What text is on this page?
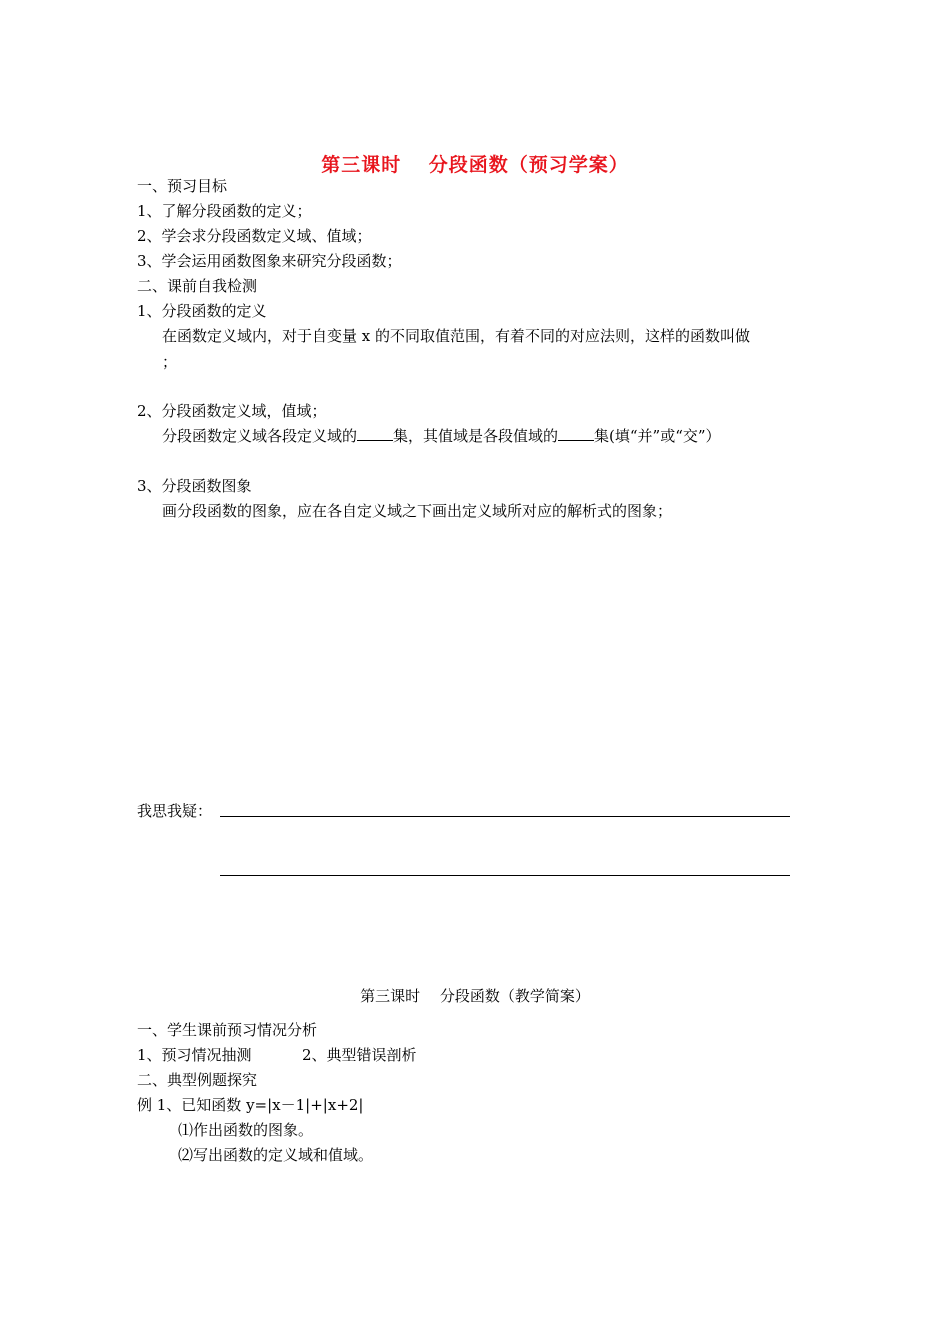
第三课时　 分段函数（预习学案）
一、预习目标
1、了解分段函数的定义；
2、学会求分段函数定义域、值域；
3、学会运用函数图象来研究分段函数；
二、课前自我检测
1、分段函数的定义
在函数定义域内，对于自变量 x 的不同取值范围，有着不同的对应法则，这样的函数叫做
；
2、分段函数定义域，值域；
分段函数定义域各段定义域的 集，其值域是各段值域的 集(填“并”或“交”）
3、分段函数图象
画分段函数的图象，应在各自定义域之下画出定义域所对应的解析式的图象；
我思我疑：
第三课时　 分段函数（教学简案）
一、学生课前预习情况分析
1、预习情况抽测	2、典型错误剖析
二、典型例题探究
例 1、已知函数 y=|x－1|+|x+2|
⑴作出函数的图象。
⑵写出函数的定义域和值域。
